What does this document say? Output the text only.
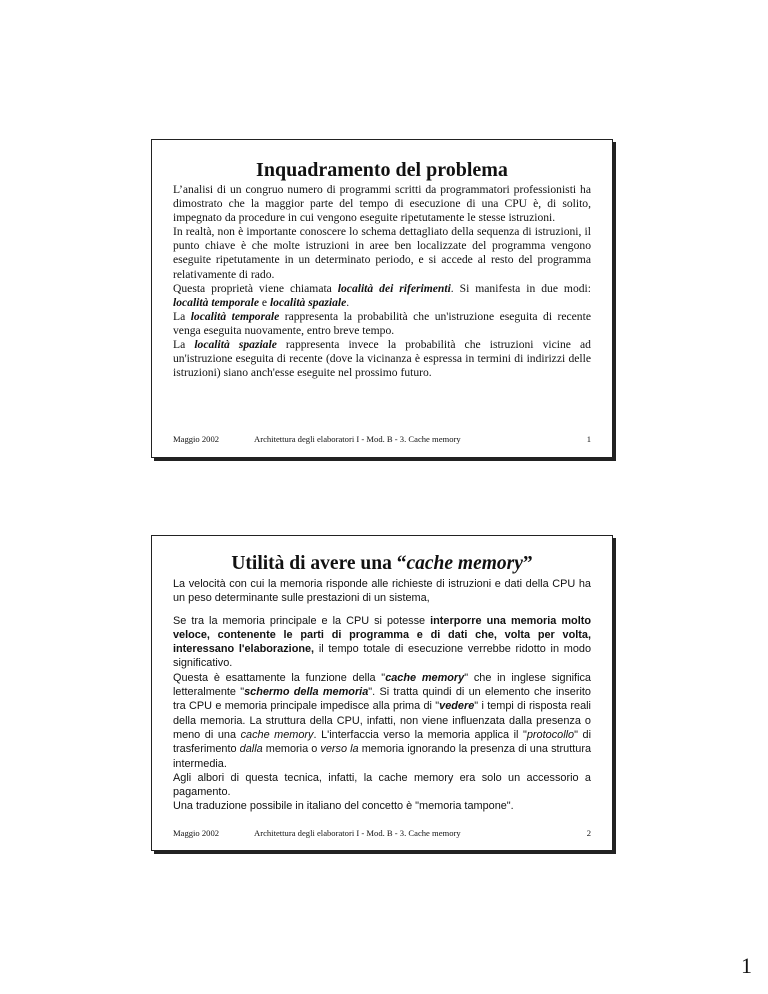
Inquadramento del problema

L’analisi di un congruo numero di programmi scritti da programmatori professionisti ha dimostrato che la maggior parte del tempo di esecuzione di una CPU è, di solito, impegnato da procedure in cui vengono eseguite ripetutamente le stesse istruzioni.

In realtà, non è importante conoscere lo schema dettagliato della sequenza di istruzioni, il punto chiave è che molte istruzioni in aree ben localizzate del programma vengono eseguite ripetutamente in un determinato periodo, e si accede al resto del programma relativamente di rado.

Questa proprietà viene chiamata località dei riferimenti. Si manifesta in due modi: località temporale e località spaziale.

La località temporale rappresenta la probabilità che un'istruzione eseguita di recente venga eseguita nuovamente, entro breve tempo.

La località spaziale rappresenta invece la probabilità che istruzioni vicine ad un'istruzione eseguita di recente (dove la vicinanza è espressa in termini di indirizzi delle istruzioni) siano anch'esse eseguite nel prossimo futuro.

Maggio 2002	Architettura degli elaboratori I - Mod. B - 3. Cache memory	1
Utilità di avere una “cache memory”

La velocità con cui la memoria risponde alle richieste di istruzioni e dati della CPU ha un peso determinante sulle prestazioni di un sistema,

Se tra la memoria principale e la CPU si potesse interporre una memoria molto veloce, contenente le parti di programma e di dati che, volta per volta, interessano l'elaborazione, il tempo totale di esecuzione verrebbe ridotto in modo significativo.

Questa è esattamente la funzione della "cache memory" che in inglese significa letteralmente "schermo della memoria". Si tratta quindi di un elemento che inserito tra CPU e memoria principale impedisce alla prima di "vedere" i tempi di risposta reali della memoria. La struttura della CPU, infatti, non viene influenzata dalla presenza o meno di una cache memory. L'interfaccia verso la memoria applica il "protocollo" di trasferimento dalla memoria o verso la memoria ignorando la presenza di una struttura intermedia.

Agli albori di questa tecnica, infatti, la cache memory era solo un accessorio a pagamento.

Una traduzione possibile in italiano del concetto è "memoria tampone".

Maggio 2002	Architettura degli elaboratori I - Mod. B - 3. Cache memory	2
1
